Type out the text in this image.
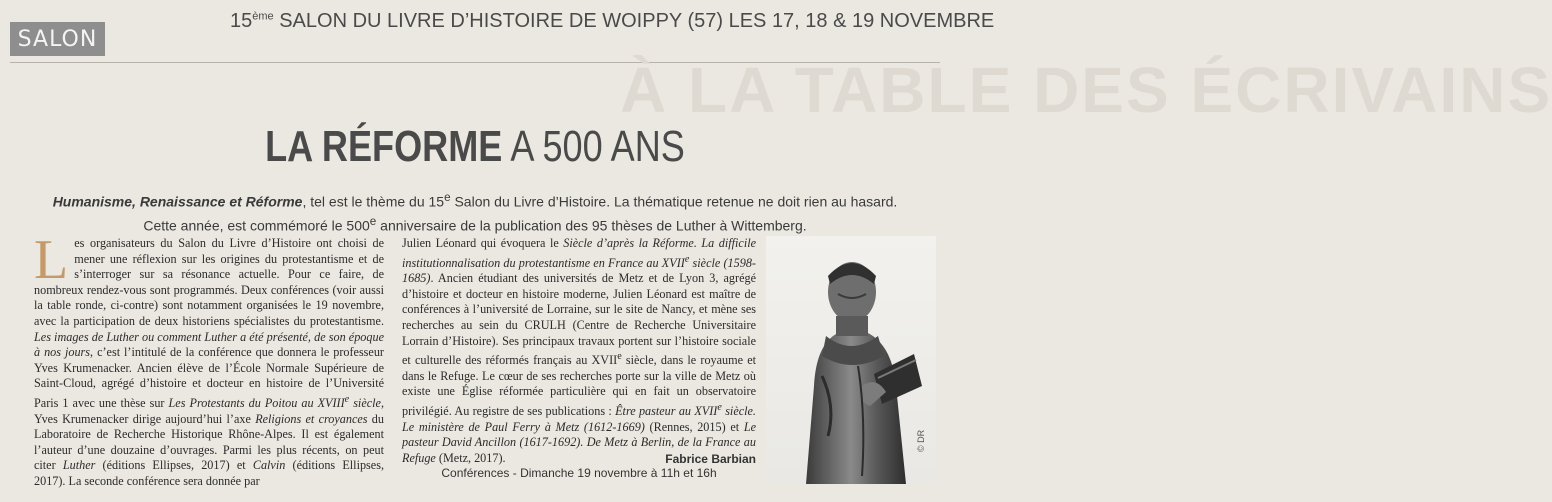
SALON
15ème SALON DU LIVRE D’HISTOIRE DE WOIPPY (57) LES 17, 18 & 19 NOVEMBRE
À LA TABLE DES ÉCRIVAINS
LA RÉFORME A 500 ANS
Humanisme, Renaissance et Réforme, tel est le thème du 15e Salon du Livre d’Histoire. La thématique retenue ne doit rien au hasard.
Cette année, est commémoré le 500e anniversaire de la publication des 95 thèses de Luther à Wittemberg.

Les organisateurs du Salon du Livre d’Histoire ont choisi de mener une réflexion sur les origines du protestantisme et de s’interroger sur sa résonance actuelle. Pour ce faire, de nombreux rendez-vous sont programmés. Deux conférences (voir aussi la table ronde, ci-contre) sont notamment organisées le 19 novembre, avec la participation de deux historiens spécialistes du protestantisme. Les images de Luther ou comment Luther a été présenté, de son époque à nos jours, c’est l’intitulé de la conférence que donnera le professeur Yves Krumenacker. Ancien élève de l’École Normale Supérieure de Saint-Cloud, agrégé d’histoire et docteur en histoire de l’Université Paris 1 avec une thèse sur Les Protestants du Poitou au XVIIIe siècle, Yves Krumenacker dirige aujourd’hui l’axe Religions et croyances du Laboratoire de Recherche Historique Rhône-Alpes. Il est également l’auteur d’une douzaine d’ouvrages. Parmi les plus récents, on peut citer Luther (éditions Ellipses, 2017) et Calvin (éditions Ellipses, 2017). La seconde conférence sera donnée par

Julien Léonard qui évoquera le Siècle d’après la Réforme. La difficile institutionnalisation du protestantisme en France au XVIIe siècle (1598-1685). Ancien étudiant des universités de Metz et de Lyon 3, agrégé d’histoire et docteur en histoire moderne, Julien Léonard est maître de conférences à l’université de Lorraine, sur le site de Nancy, et mène ses recherches au sein du CRULH (Centre de Recherche Universitaire Lorrain d’Histoire). Ses principaux travaux portent sur l’histoire sociale et culturelle des réformés français au XVIIe siècle, dans le royaume et dans le Refuge. Le cœur de ses recherches porte sur la ville de Metz où existe une Église réformée particulière qui en fait un observatoire privilégié. Au registre de ses publications : Être pasteur au XVIIe siècle. Le ministère de Paul Ferry à Metz (1612-1669) (Rennes, 2015) et Le pasteur David Ancillon (1617-1692). De Metz à Berlin, de la France au Refuge (Metz, 2017).	Fabrice Barbian
Conférences - Dimanche 19 novembre à 11h et 16h
© DR
